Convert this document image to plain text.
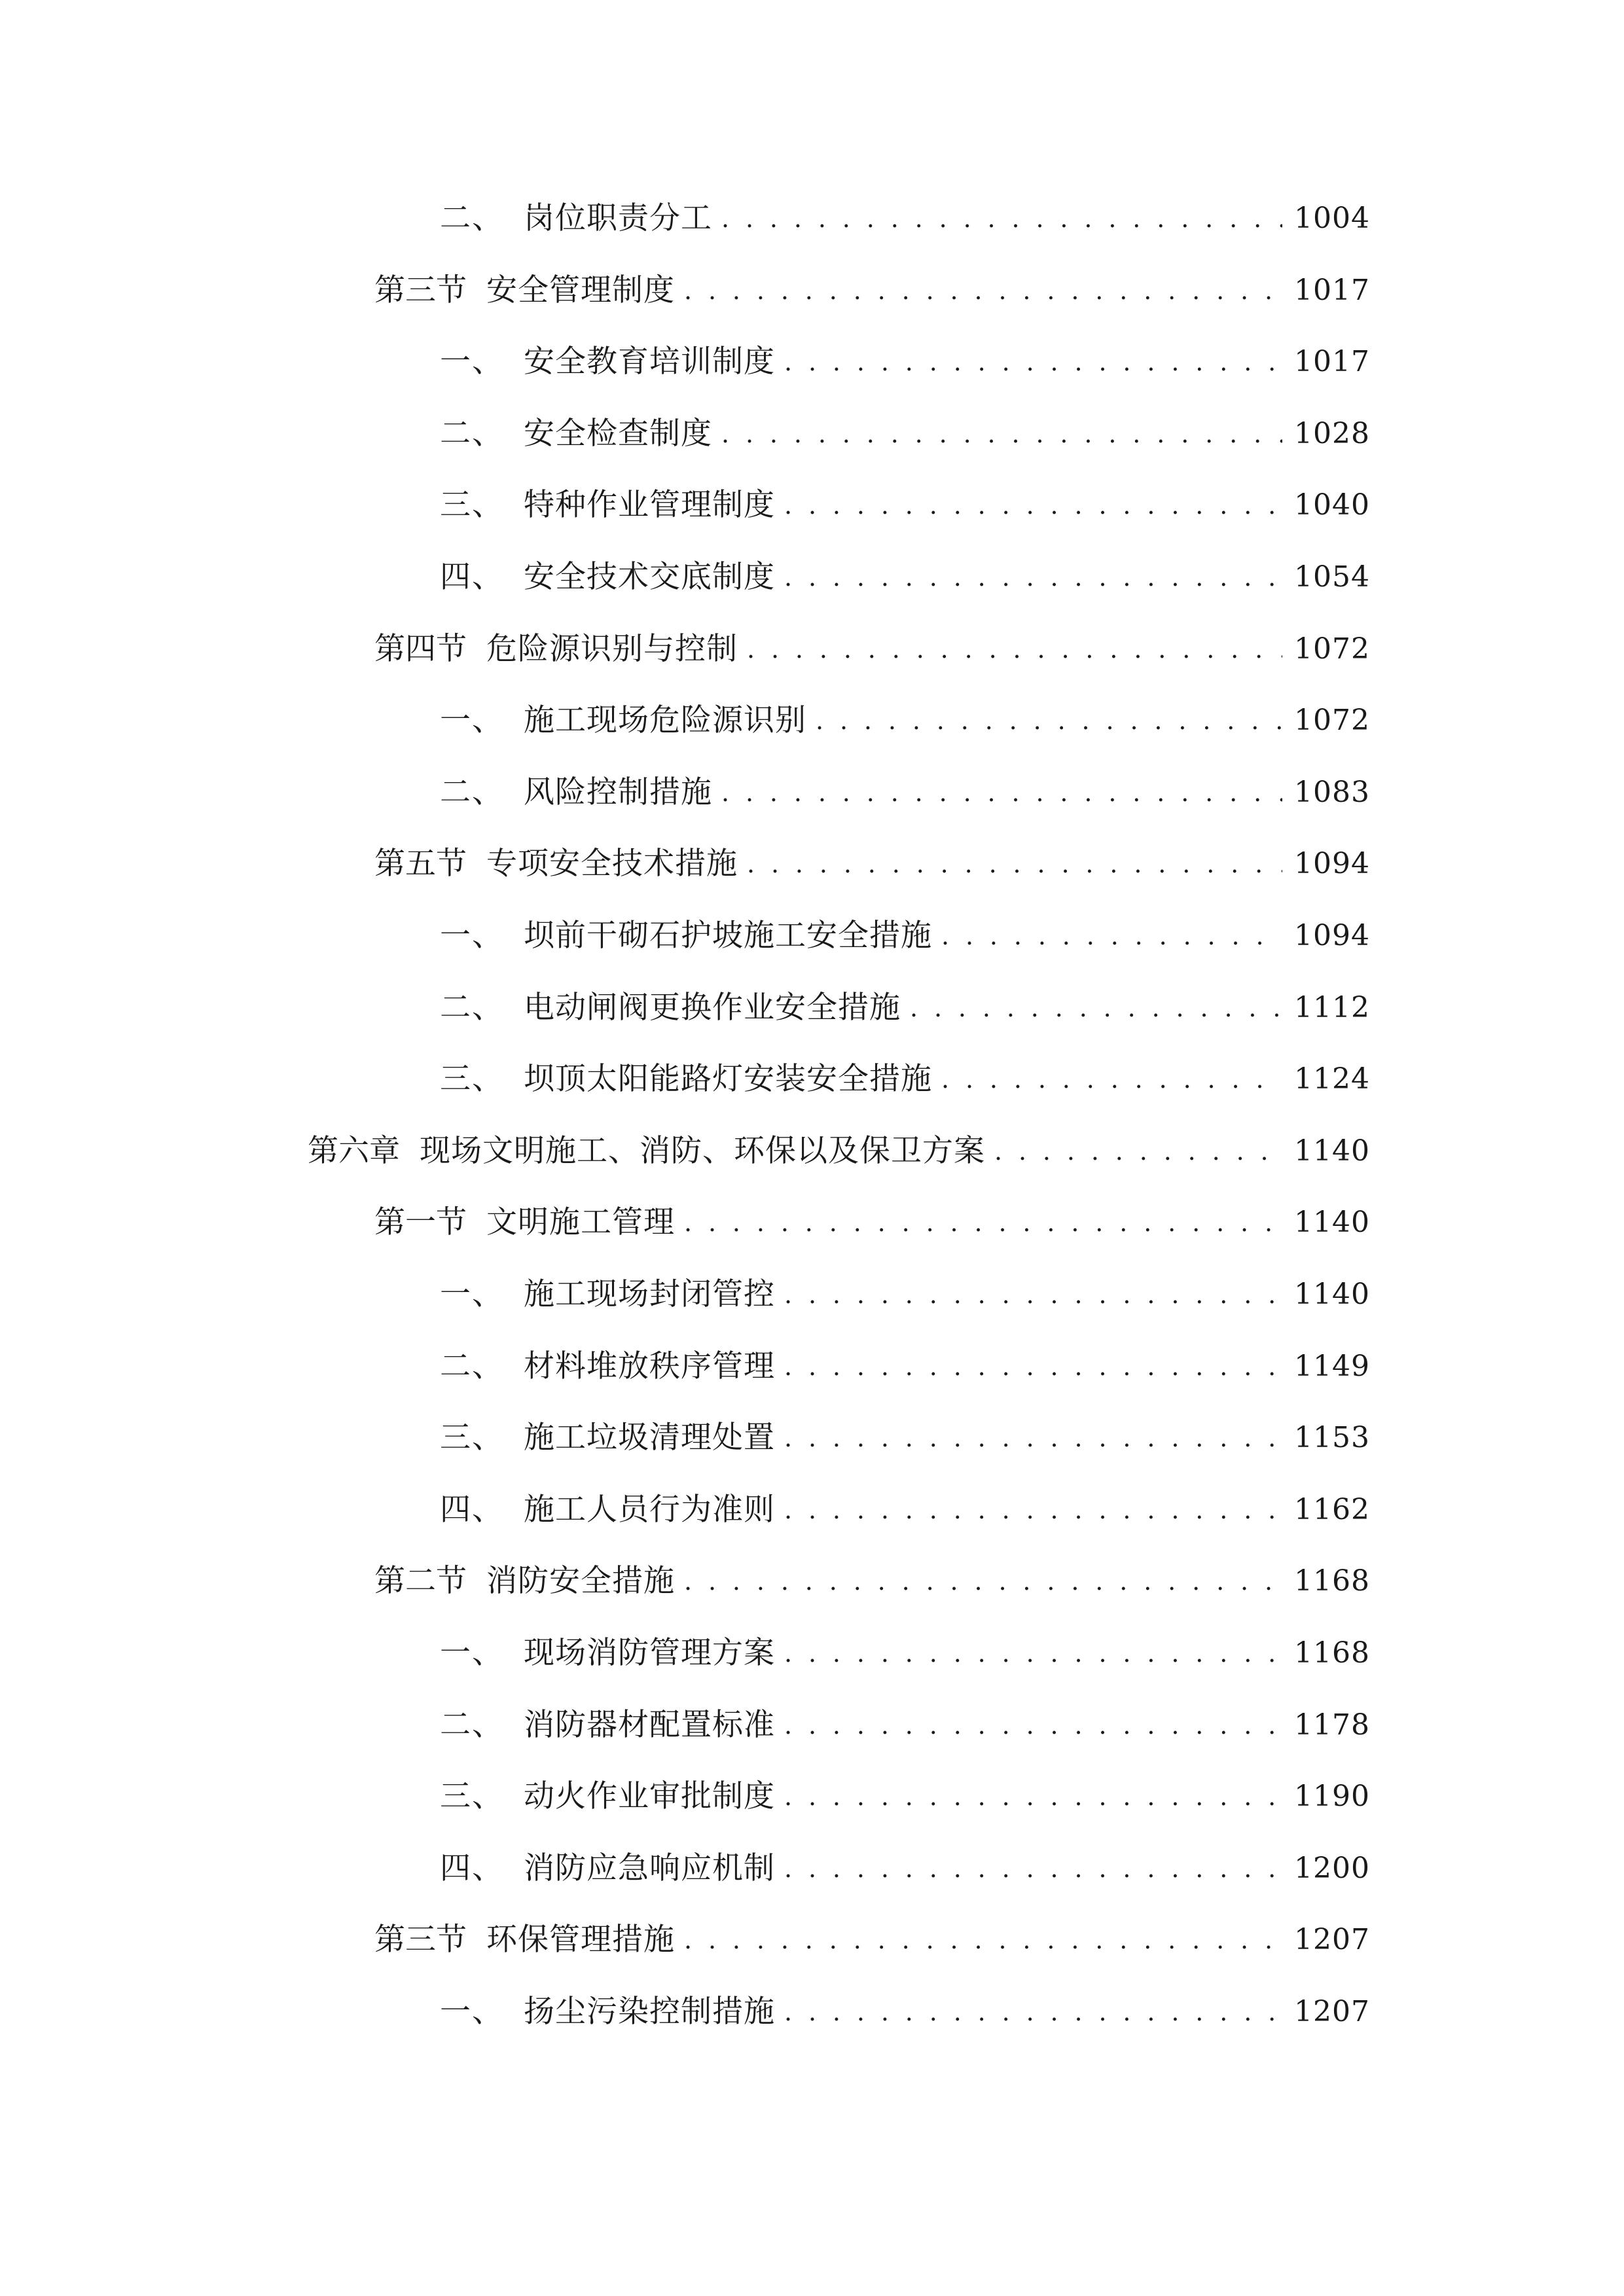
二、 岗位职责分工 . . .	1004
第三节 安全管理制度 . . .	1017
一、 安全教育培训制度 . . .	1017
二、 安全检查制度 . . .	1028
三、 特种作业管理制度 . . .	1040
四、 安全技术交底制度 . . .	1054
第四节 危险源识别与控制 . . .	1072
一、 施工现场危险源识别 . . .	1072
二、 风险控制措施 . . .	1083
第五节 专项安全技术措施 . . .	1094
一、 坝前干砌石护坡施工安全措施 . . .	1094
二、 电动闸阀更换作业安全措施 . . .	1112
三、 坝顶太阳能路灯安装安全措施 . . .	1124
第六章 现场文明施工、消防、环保以及保卫方案 . . .	1140
第一节 文明施工管理 . . .	1140
一、 施工现场封闭管控 . . .	1140
二、 材料堆放秩序管理 . . .	1149
三、 施工垃圾清理处置 . . .	1153
四、 施工人员行为准则 . . .	1162
第二节 消防安全措施 . . .	1168
一、 现场消防管理方案 . . .	1168
二、 消防器材配置标准 . . .	1178
三、 动火作业审批制度 . . .	1190
四、 消防应急响应机制 . . .	1200
第三节 环保管理措施 . . .	1207
一、 扬尘污染控制措施 . . .	1207
